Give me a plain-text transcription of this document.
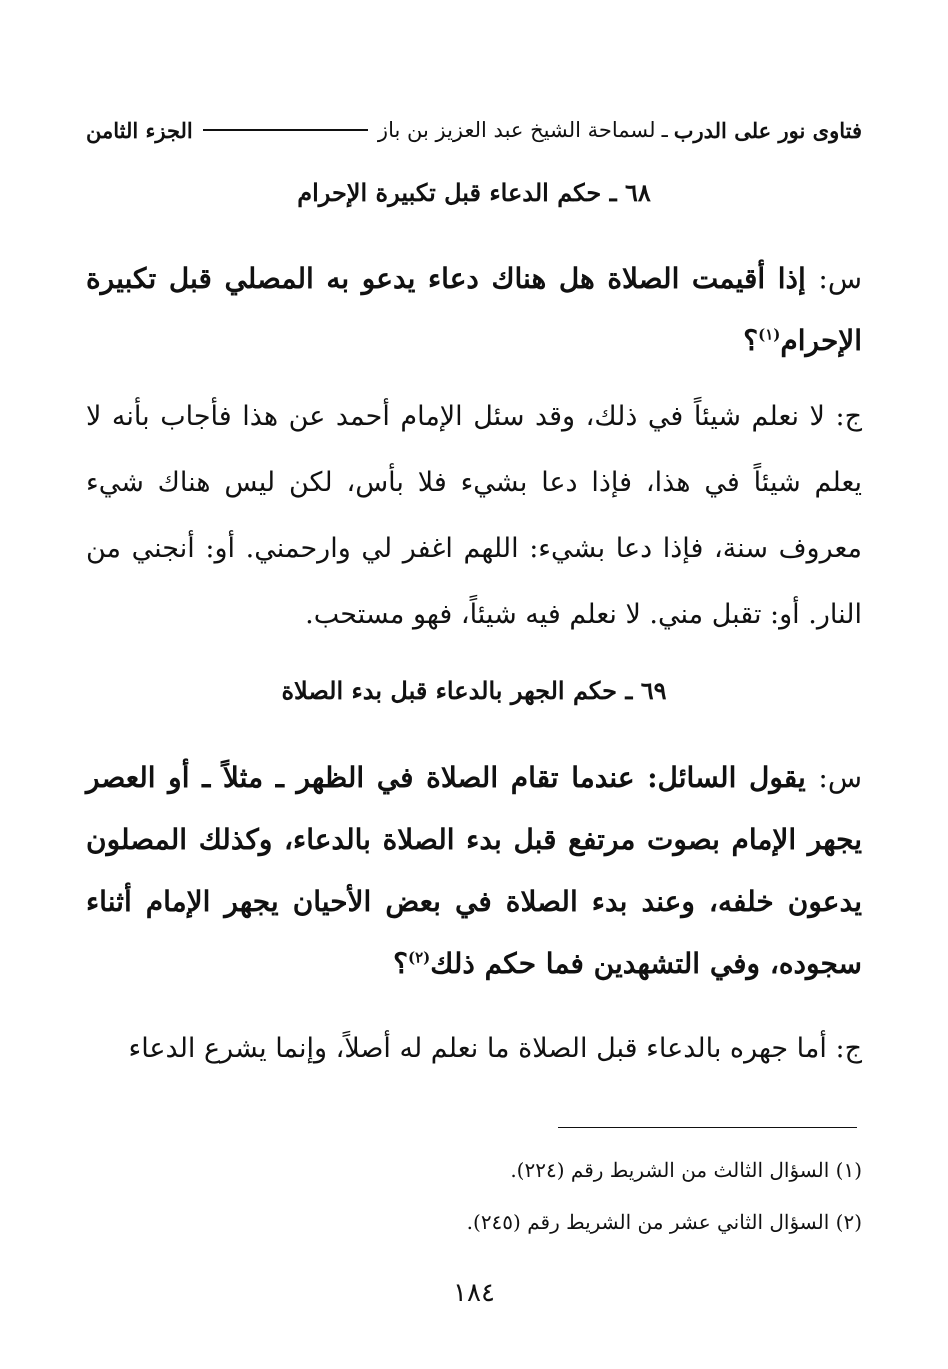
فتاوى نور على الدرب
ـ
لسماحة الشيخ عبد العزيز بن باز
الجزء الثامن
٦٨ ـ حكم الدعاء قبل تكبيرة الإحرام

س: إذا أقيمت الصلاة هل هناك دعاء يدعو به المصلي قبل تكبيرة الإحرام$^{(١)}$؟

ج: لا نعلم شيئاً في ذلك، وقد سئل الإمام أحمد عن هذا فأجاب بأنه لا يعلم شيئاً في هذا، فإذا دعا بشيء فلا بأس، لكن ليس هناك شيء معروف سنة، فإذا دعا بشيء: اللهم اغفر لي وارحمني. أو: أنجني من النار. أو: تقبل مني. لا نعلم فيه شيئاً، فهو مستحب.

٦٩ ـ حكم الجهر بالدعاء قبل بدء الصلاة

س: يقول السائل: عندما تقام الصلاة في الظهر ـ مثلاً ـ أو العصر يجهر الإمام بصوت مرتفع قبل بدء الصلاة بالدعاء، وكذلك المصلون يدعون خلفه، وعند بدء الصلاة في بعض الأحيان يجهر الإمام أثناء سجوده، وفي التشهدين فما حكم ذلك$^{(٢)}$؟

ج: أما جهره بالدعاء قبل الصلاة ما نعلم له أصلاً، وإنما يشرع الدعاء

(١) السؤال الثالث من الشريط رقم (٢٢٤).
(٢) السؤال الثاني عشر من الشريط رقم (٢٤٥).
١٨٤
